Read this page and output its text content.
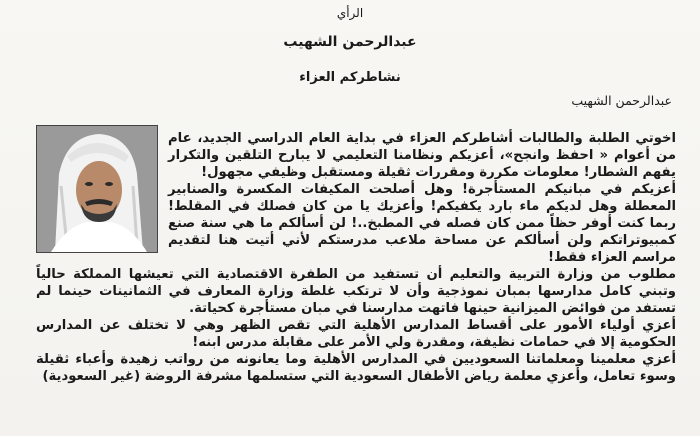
الرأي
عبدالرحمن الشهيب
نشاطركم العزاء
عبدالرحمن الشهيب

اخوتي الطلبة والطالبات أشاطركم العزاء في بداية العام الدراسي الجديد، عام من أعوام « احفظ وانجح»، أعزيكم ونظامنا التعليمي لا يبارح التلقين والتكرار يفهم الشطار! معلومات مكررة ومقررات ثقيلة ومستقبل وظيفي مجهول!

أعزيكم في مبانيكم المستأجرة! وهل أصلحت المكيفات المكسرة والصنابير المعطلة وهل لديكم ماء بارد يكفيكم! وأعزيك يا من كان فصلك في المقلط! ربما كنت أوفر حظاً ممن كان فصله في المطبخ..! لن أسألكم ما هي سنة صنع كمبيوتراتكم ولن أسألكم عن مساحة ملاعب مدرستكم لأني أتيت هنا لتقديم مراسم العزاء فقط!

مطلوب من وزارة التربية والتعليم أن تستفيد من الطفرة الاقتصادية التي تعيشها المملكة حالياً وتبني كامل مدارسها بمبان نموذجية وأن لا ترتكب غلطة وزارة المعارف في الثمانينات حينما لم تستفد من فوائض الميزانية حينها فاتهت مدارسنا في مبان مستأجرة كحياتة.

أعزي أولياء الأمور على أقساط المدارس الأهلية التي تقص الظهر وهي لا تختلف عن المدارس الحكومية إلا في حمامات نظيفة، ومقدرة ولي الأمر على مقابلة مدرس ابنه!

أعزي معلمينا ومعلماتنا السعوديين في المدارس الأهلية وما يعانونه من رواتب زهيدة وأعباء ثقيلة وسوء تعامل، وأعزي معلمة رياض الأطفال السعودية التي ستسلمها مشرفة الروضة (غير السعودية)
